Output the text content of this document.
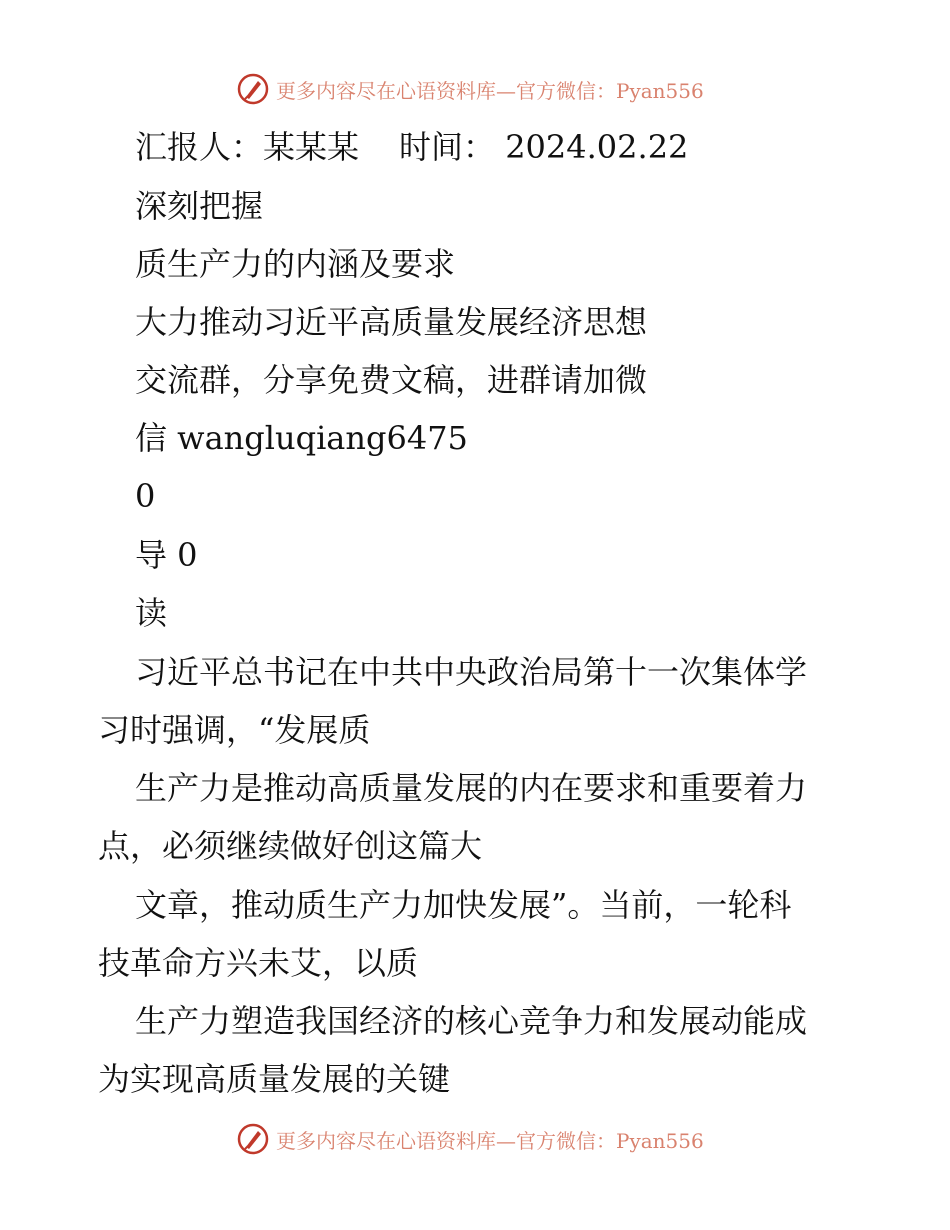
更多内容尽在心语资料库—官方微信：Pyan556

汇报人：某某某 时间： 2024.02.22

深刻把握

质生产力的内涵及要求

大力推动习近平高质量发展经济思想

交流群，分享免费文稿，进群请加微

信 wangluqiang6475

0

导 0

读

习近平总书记在中共中央政治局第十一次集体学

习时强调，“发展质

生产力是推动高质量发展的内在要求和重要着力

点，必须继续做好创这篇大

文章，推动质生产力加快发展”。当前，一轮科

技革命方兴未艾，以质

生产力塑造我国经济的核心竞争力和发展动能成

为实现高质量发展的关键

更多内容尽在心语资料库—官方微信：Pyan556
